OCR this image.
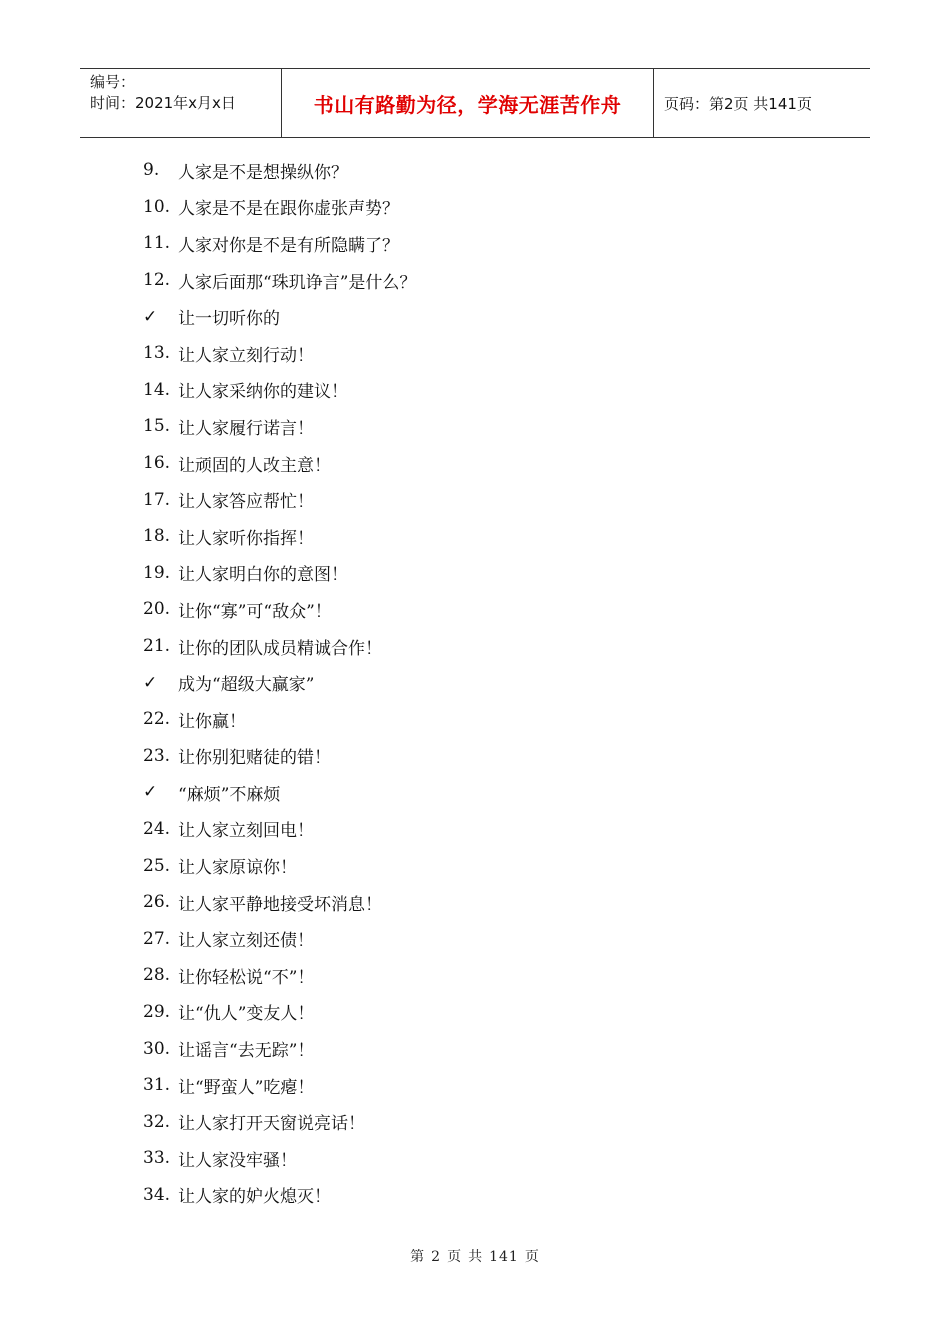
编号：
时间：2021年x月x日	书山有路勤为径，学海无涯苦作舟	页码：第2页 共141页
9.	人家是不是想操纵你？
10. 人家是不是在跟你虚张声势？
11. 人家对你是不是有所隐瞒了？
12. 人家后面那“珠玑诤言”是什么？
✓	让一切听你的
13. 让人家立刻行动！
14. 让人家采纳你的建议！
15. 让人家履行诺言！
16. 让顽固的人改主意！
17. 让人家答应帮忙！
18. 让人家听你指挥！
19. 让人家明白你的意图！
20. 让你“寡”可“敌众”！
21. 让你的团队成员精诚合作！
✓	成为“超级大赢家”
22. 让你赢！
23. 让你别犯赌徒的错！
✓	“麻烦”不麻烦
24. 让人家立刻回电！
25. 让人家原谅你！
26. 让人家平静地接受坏消息！
27. 让人家立刻还债！
28. 让你轻松说“不”！
29. 让“仇人”变友人！
30. 让谣言“去无踪”！
31. 让“野蛮人”吃瘪！
32. 让人家打开天窗说亮话！
33. 让人家没牢骚！
34. 让人家的妒火熄灭！
第 2 页 共 141 页
